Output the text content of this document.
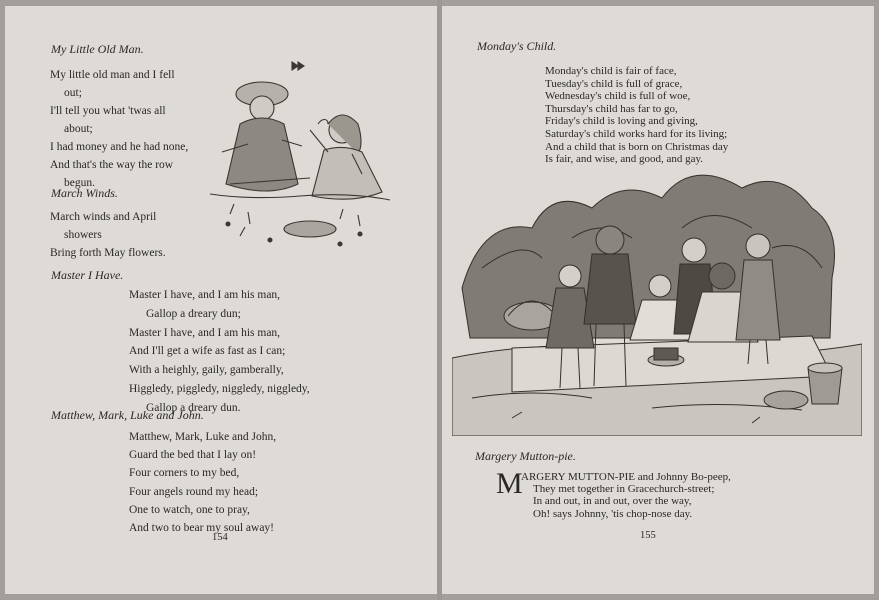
My Little Old Man.
My little old man and I fell
out;
I'll tell you what 'twas all
about;
I had money and he had none,
And that's the way the row
begun.
March Winds.
March winds and April
showers
Bring forth May flowers.
Master I Have.
Master I have, and I am his man,
Gallop a dreary dun;
Master I have, and I am his man,
And I'll get a wife as fast as I can;
With a heighly, gaily, gamberally,
Higgledy, piggledy, niggledy, niggledy,
Gallop a dreary dun.
Matthew, Mark, Luke and John.
Matthew, Mark, Luke and John,
Guard the bed that I lay on!
Four corners to my bed,
Four angels round my head;
One to watch, one to pray,
And two to bear my soul away!
154
Monday's Child.
Monday's child is fair of face,
Tuesday's child is full of grace,
Wednesday's child is full of woe,
Thursday's child has far to go,
Friday's child is loving and giving,
Saturday's child works hard for its living;
And a child that is born on Christmas day
Is fair, and wise, and good, and gay.
Margery Mutton-pie.
M
ARGERY MUTTON-PIE and Johnny Bo-peep,
They met together in Gracechurch-street;
In and out, in and out, over the way,
Oh! says Johnny, 'tis chop-nose day.
155
